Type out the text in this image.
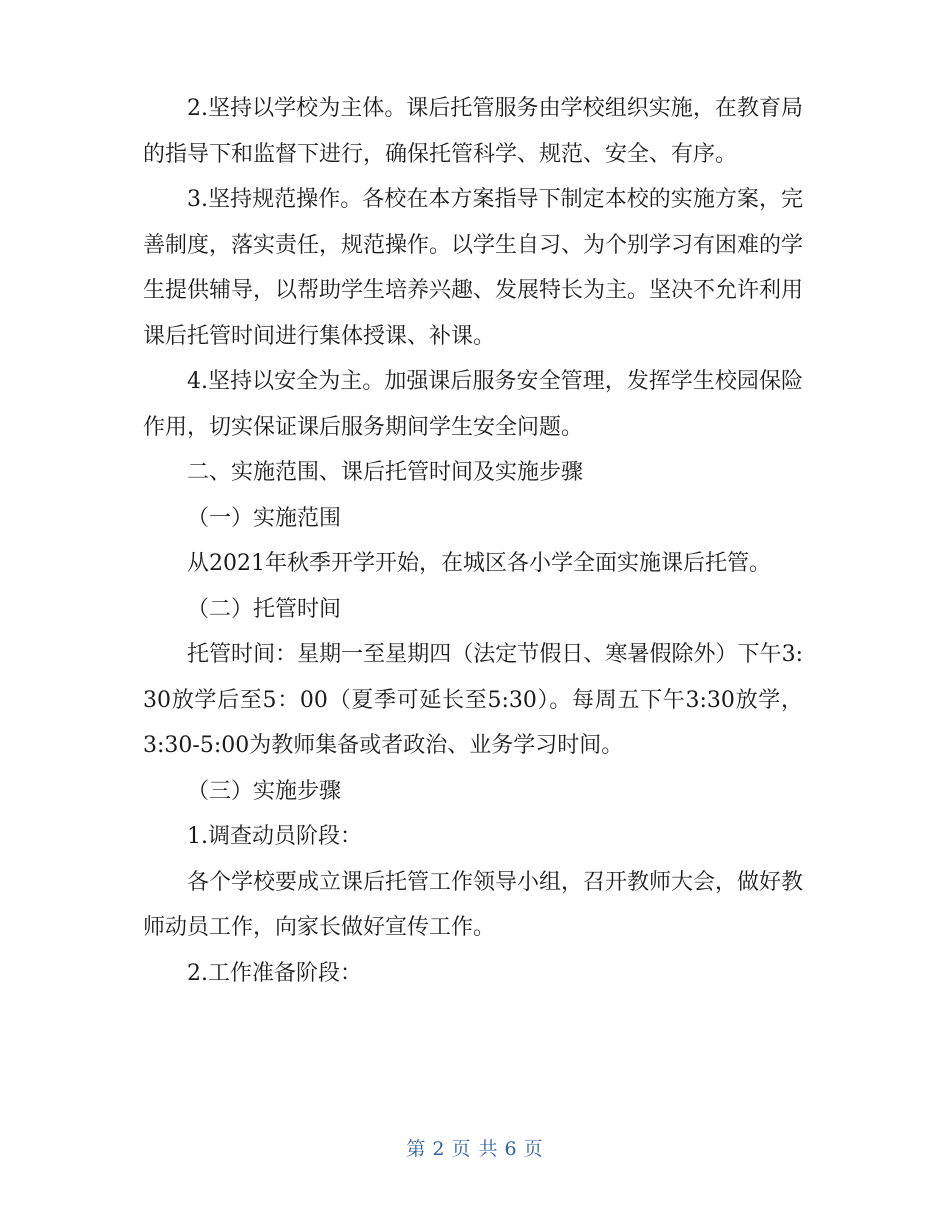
2.坚持以学校为主体。课后托管服务由学校组织实施，在教育局的指导下和监督下进行，确保托管科学、规范、安全、有序。

3.坚持规范操作。各校在本方案指导下制定本校的实施方案，完善制度，落实责任，规范操作。以学生自习、为个别学习有困难的学生提供辅导，以帮助学生培养兴趣、发展特长为主。坚决不允许利用课后托管时间进行集体授课、补课。

4.坚持以安全为主。加强课后服务安全管理，发挥学生校园保险作用，切实保证课后服务期间学生安全问题。

二、实施范围、课后托管时间及实施步骤

（一）实施范围

从2021年秋季开学开始，在城区各小学全面实施课后托管。

（二）托管时间

托管时间：星期一至星期四（法定节假日、寒暑假除外）下午3:30放学后至5：00（夏季可延长至5:30）。每周五下午3:30放学，3:30-5:00为教师集备或者政治、业务学习时间。

（三）实施步骤

1.调查动员阶段：

各个学校要成立课后托管工作领导小组，召开教师大会，做好教师动员工作，向家长做好宣传工作。

2.工作准备阶段：

第 2 页 共 6 页
